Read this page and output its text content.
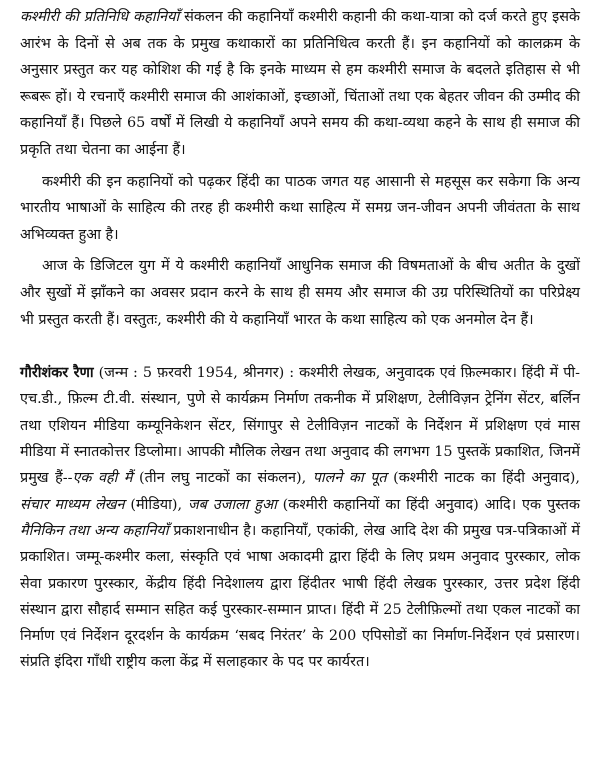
कश्मीरी की प्रतिनिधि कहानियाँ संकलन की कहानियाँ कश्मीरी कहानी की कथा-यात्रा को दर्ज करते हुए इसके आरंभ के दिनों से अब तक के प्रमुख कथाकारों का प्रतिनिधित्व करती हैं। इन कहानियों को कालक्रम के अनुसार प्रस्तुत कर यह कोशिश की गई है कि इनके माध्यम से हम कश्मीरी समाज के बदलते इतिहास से भी रूबरू हों। ये रचनाएँ कश्मीरी समाज की आशंकाओं, इच्छाओं, चिंताओं तथा एक बेहतर जीवन की उम्मीद की कहानियाँ हैं। पिछले 65 वर्षों में लिखी ये कहानियाँ अपने समय की कथा-व्यथा कहने के साथ ही समाज की प्रकृति तथा चेतना का आईना हैं।

कश्मीरी की इन कहानियों को पढ़कर हिंदी का पाठक जगत यह आसानी से महसूस कर सकेगा कि अन्य भारतीय भाषाओं के साहित्य की तरह ही कश्मीरी कथा साहित्य में समग्र जन-जीवन अपनी जीवंतता के साथ अभिव्यक्त हुआ है।

आज के डिजिटल युग में ये कश्मीरी कहानियाँ आधुनिक समाज की विषमताओं के बीच अतीत के दुखों और सुखों में झाँकने का अवसर प्रदान करने के साथ ही समय और समाज की उग्र परिस्थितियों का परिप्रेक्ष्य भी प्रस्तुत करती हैं। वस्तुतः, कश्मीरी की ये कहानियाँ भारत के कथा साहित्य को एक अनमोल देन हैं।

गौरीशंकर रैणा (जन्म : 5 फ़रवरी 1954, श्रीनगर) : कश्मीरी लेखक, अनुवादक एवं फ़िल्मकार। हिंदी में पी-एच.डी., फ़िल्म टी.वी. संस्थान, पुणे से कार्यक्रम निर्माण तकनीक में प्रशिक्षण, टेलीविज़न ट्रेनिंग सेंटर, बर्लिन तथा एशियन मीडिया कम्यूनिकेशन सेंटर, सिंगापुर से टेलीविज़न नाटकों के निर्देशन में प्रशिक्षण एवं मास मीडिया में स्नातकोत्तर डिप्लोमा। आपकी मौलिक लेखन तथा अनुवाद की लगभग 15 पुस्तकें प्रकाशित, जिनमें प्रमुख हैं--एक वही मैं (तीन लघु नाटकों का संकलन), पालने का पूत (कश्मीरी नाटक का हिंदी अनुवाद), संचार माध्यम लेखन (मीडिया), जब उजाला हुआ (कश्मीरी कहानियों का हिंदी अनुवाद) आदि। एक पुस्तक मैनिकिन तथा अन्य कहानियाँ प्रकाशनाधीन है। कहानियाँ, एकांकी, लेख आदि देश की प्रमुख पत्र-पत्रिकाओं में प्रकाशित। जम्मू-कश्मीर कला, संस्कृति एवं भाषा अकादमी द्वारा हिंदी के लिए प्रथम अनुवाद पुरस्कार, लोक सेवा प्रकारण पुरस्कार, केंद्रीय हिंदी निदेशालय द्वारा हिंदीतर भाषी हिंदी लेखक पुरस्कार, उत्तर प्रदेश हिंदी संस्थान द्वारा सौहार्द सम्मान सहित कई पुरस्कार-सम्मान प्राप्त। हिंदी में 25 टेलीफ़िल्मों तथा एकल नाटकों का निर्माण एवं निर्देशन दूरदर्शन के कार्यक्रम ‘सबद निरंतर’ के 200 एपिसोडों का निर्माण-निर्देशन एवं प्रसारण। संप्रति इंदिरा गाँधी राष्ट्रीय कला केंद्र में सलाहकार के पद पर कार्यरत।
